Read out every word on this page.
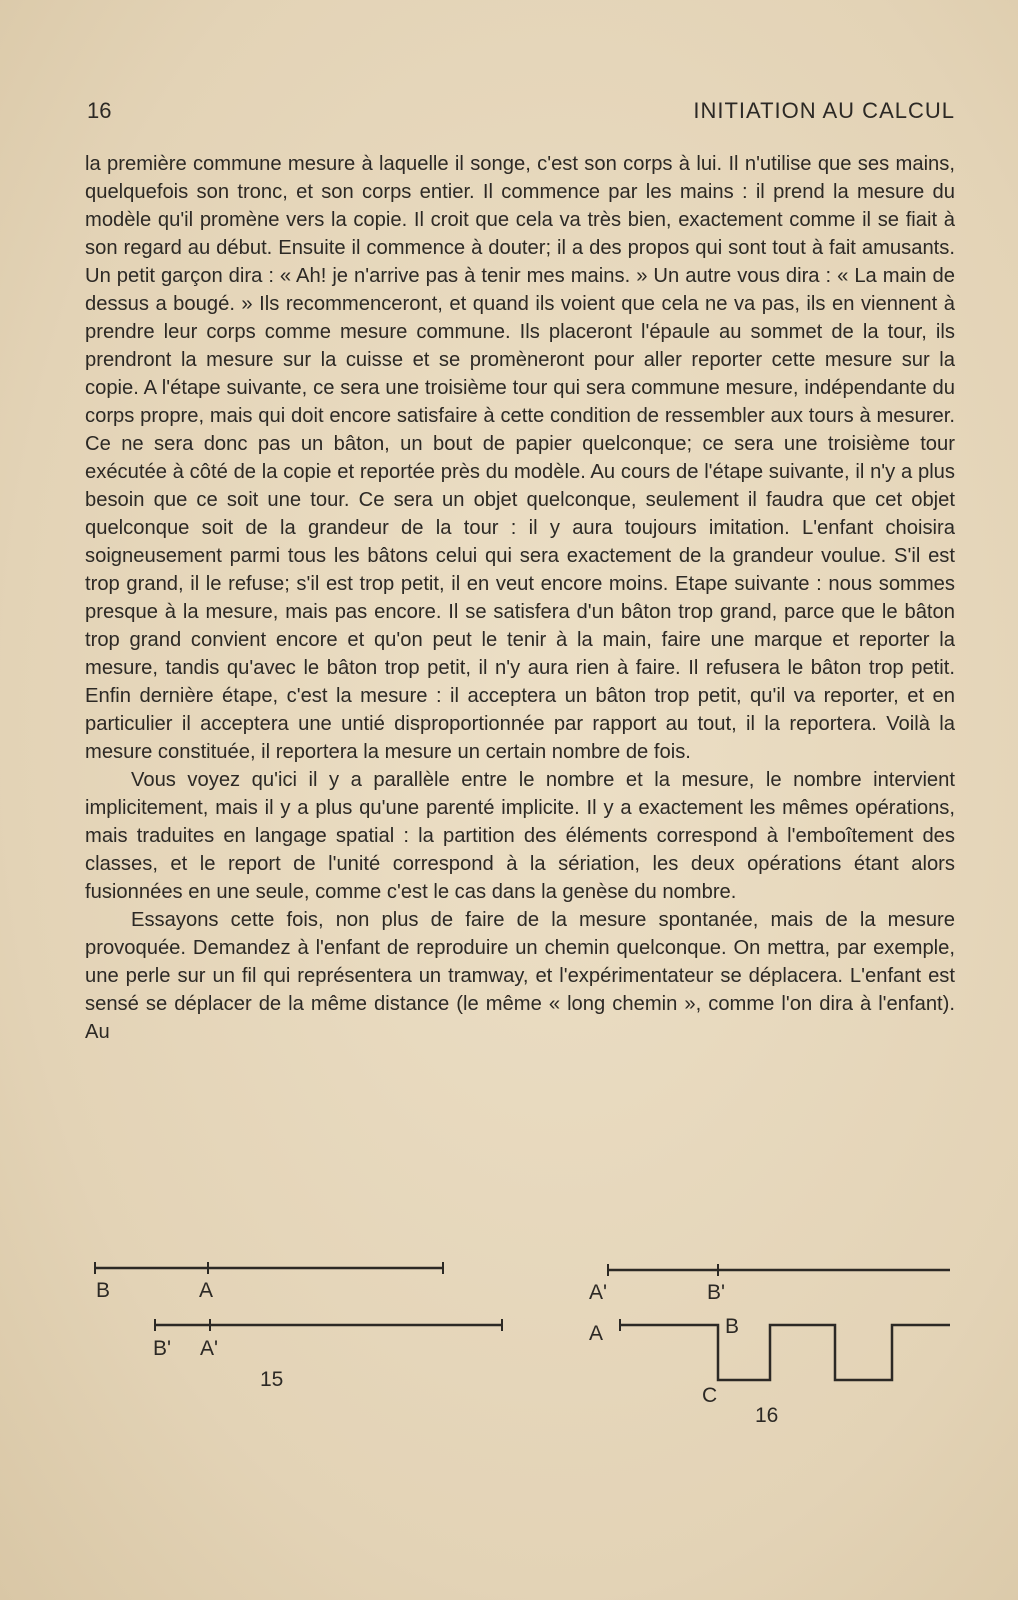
16	INITIATION AU CALCUL

la première commune mesure à laquelle il songe, c'est son corps à lui. Il n'utilise que ses mains, quelquefois son tronc, et son corps entier. Il commence par les mains : il prend la mesure du modèle qu'il promène vers la copie. Il croit que cela va très bien, exactement comme il se fiait à son regard au début. Ensuite il commence à douter; il a des propos qui sont tout à fait amusants. Un petit garçon dira : « Ah! je n'arrive pas à tenir mes mains. » Un autre vous dira : « La main de dessus a bougé. » Ils recommenceront, et quand ils voient que cela ne va pas, ils en viennent à prendre leur corps comme mesure commune. Ils placeront l'épaule au sommet de la tour, ils prendront la mesure sur la cuisse et se promèneront pour aller reporter cette mesure sur la copie. A l'étape suivante, ce sera une troisième tour qui sera commune mesure, indépendante du corps propre, mais qui doit encore satisfaire à cette condition de ressembler aux tours à mesurer. Ce ne sera donc pas un bâton, un bout de papier quelconque; ce sera une troisième tour exécutée à côté de la copie et reportée près du modèle. Au cours de l'étape suivante, il n'y a plus besoin que ce soit une tour. Ce sera un objet quelconque, seulement il faudra que cet objet quelconque soit de la grandeur de la tour : il y aura toujours imitation. L'enfant choisira soigneusement parmi tous les bâtons celui qui sera exactement de la grandeur voulue. S'il est trop grand, il le refuse; s'il est trop petit, il en veut encore moins. Etape suivante : nous sommes presque à la mesure, mais pas encore. Il se satisfera d'un bâton trop grand, parce que le bâton trop grand convient encore et qu'on peut le tenir à la main, faire une marque et reporter la mesure, tandis qu'avec le bâton trop petit, il n'y aura rien à faire. Il refusera le bâton trop petit. Enfin dernière étape, c'est la mesure : il acceptera un bâton trop petit, qu'il va reporter, et en particulier il acceptera une untié disproportionnée par rapport au tout, il la reportera. Voilà la mesure constituée, il reportera la mesure un certain nombre de fois.

Vous voyez qu'ici il y a parallèle entre le nombre et la mesure, le nombre intervient implicitement, mais il y a plus qu'une parenté implicite. Il y a exactement les mêmes opérations, mais traduites en langage spatial : la partition des éléments correspond à l'emboîtement des classes, et le report de l'unité correspond à la sériation, les deux opérations étant alors fusionnées en une seule, comme c'est le cas dans la genèse du nombre.

Essayons cette fois, non plus de faire de la mesure spontanée, mais de la mesure provoquée. Demandez à l'enfant de reproduire un chemin quelconque. On mettra, par exemple, une perle sur un fil qui représentera un tramway, et l'expérimentateur se déplacera. L'enfant est sensé se déplacer de la même distance (le même « long chemin », comme l'on dira à l'enfant). Au

B	A
B' A'
15
A'	B'
A	B
C
16
